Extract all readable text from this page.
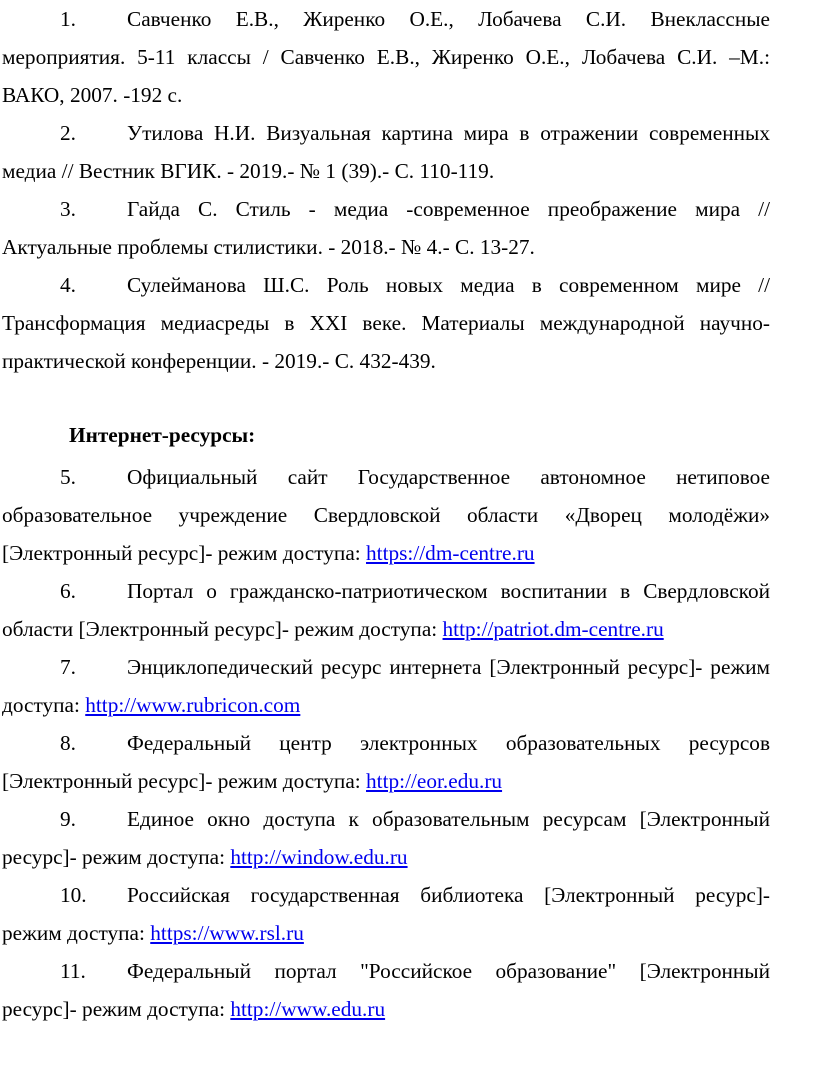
1. Савченко Е.В., Жиренко О.Е., Лобачева С.И. Внеклассные мероприятия. 5-11 классы / Савченко Е.В., Жиренко О.Е., Лобачева С.И. –М.: ВАКО, 2007. -192 с.

2. Утилова Н.И. Визуальная картина мира в отражении современных медиа // Вестник ВГИК. - 2019.- № 1 (39).- С. 110-119.

3. Гайда С. Стиль - медиа -современное преображение мира // Актуальные проблемы стилистики. - 2018.- № 4.- С. 13-27.

4. Сулейманова Ш.С. Роль новых медиа в современном мире // Трансформация медиасреды в XXI веке. Материалы международной научно-практической конференции. - 2019.- С. 432-439.

Интернет-ресурсы:

5. Официальный сайт Государственное автономное нетиповое образовательное учреждение Свердловской области «Дворец молодёжи» [Электронный ресурс]- режим доступа: https://dm-centre.ru

6. Портал о гражданско-патриотическом воспитании в Свердловской области [Электронный ресурс]- режим доступа: http://patriot.dm-centre.ru

7. Энциклопедический ресурс интернета [Электронный ресурс]- режим доступа: http://www.rubricon.com

8. Федеральный центр электронных образовательных ресурсов [Электронный ресурс]- режим доступа: http://eor.edu.ru

9. Единое окно доступа к образовательным ресурсам [Электронный ресурс]- режим доступа: http://window.edu.ru

10. Российская государственная библиотека [Электронный ресурс]- режим доступа: https://www.rsl.ru

11. Федеральный портал "Российское образование" [Электронный ресурс]- режим доступа: http://www.edu.ru
